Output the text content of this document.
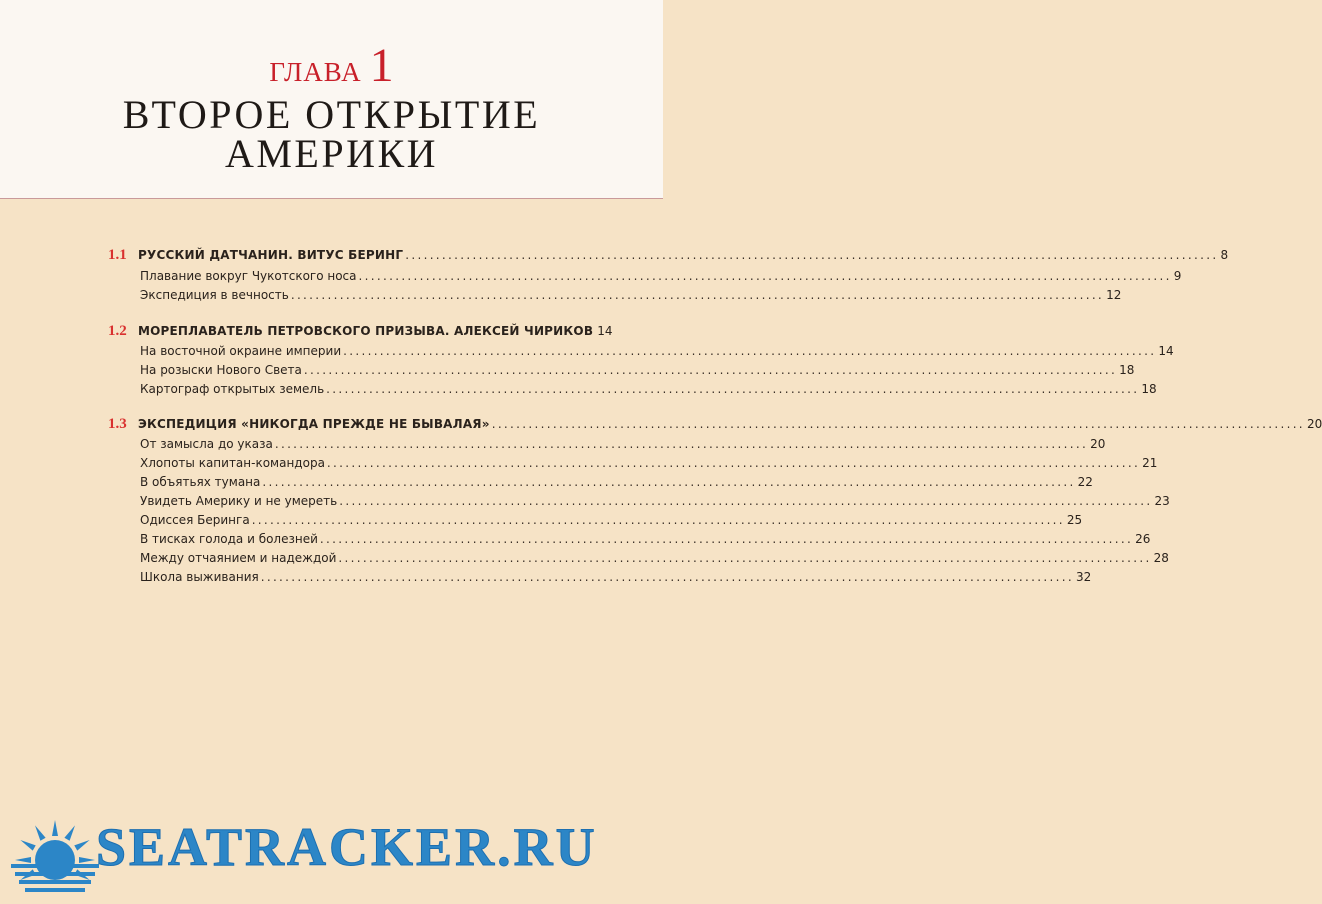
ГЛАВА 1
ВТОРОЕ ОТКРЫТИЕ
АМЕРИКИ
1.1 РУССКИЙ ДАТЧАНИН. ВИТУС БЕРИНГ ..................................................................................................................................... 8
Плавание вокруг Чукотского носа ..................................................................................................................................... 9
Экспедиция в вечность ..................................................................................................................................... 12
1.2 МОРЕПЛАВАТЕЛЬ ПЕТРОВСКОГО ПРИЗЫВА. АЛЕКСЕЙ ЧИРИКОВ 14
На восточной окраине империи ..................................................................................................................................... 14
На розыски Нового Света ..................................................................................................................................... 18
Картограф открытых земель ..................................................................................................................................... 18
1.3 ЭКСПЕДИЦИЯ «НИКОГДА ПРЕЖДЕ НЕ БЫВАЛАЯ» ..................................................................................................................................... 20
От замысла до указа ..................................................................................................................................... 20
Хлопоты капитан-командора ..................................................................................................................................... 21
В объятьях тумана ..................................................................................................................................... 22
Увидеть Америку и не умереть ..................................................................................................................................... 23
Одиссея Беринга ..................................................................................................................................... 25
В тисках голода и болезней ..................................................................................................................................... 26
Между отчаянием и надеждой ..................................................................................................................................... 28
Школа выживания ..................................................................................................................................... 32
SEATRACKER.RU
